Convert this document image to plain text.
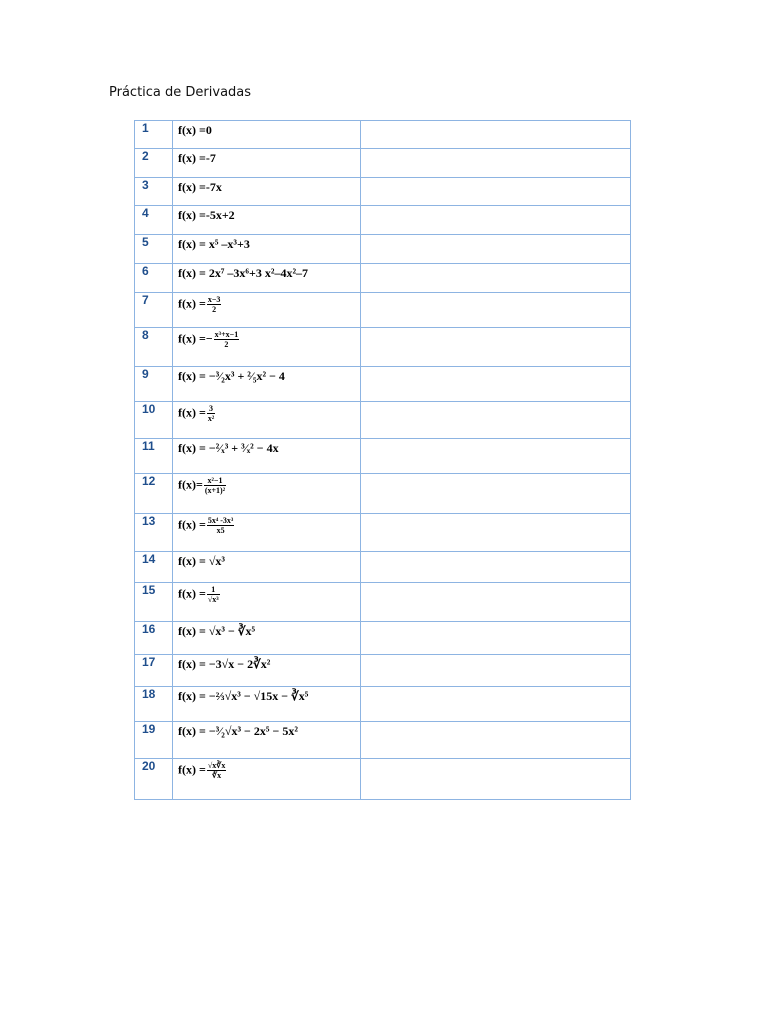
Práctica de Derivadas
1	f(x) =0	

2	f(x) =-7	

3	f(x) =-7x	

4	f(x) =-5x+2	

5	f(x) = x⁵ –x³+3	

6	f(x) = 2x⁷ –3x⁶+3 x²–4x²–7	

7	$f(x) = \frac{x-3}{2}$

8	$f(x) =- \frac{\text{x³+x−1}}{2}$

9	f(x) = −³⁄₂x³ + ²⁄₅x² − 4	

10	$f(x) = \frac{3}{\text{x²}}$

11	f(x) = −²⁄ₓ³ + ³⁄ₓ² − 4x	

12	$f(x)= \frac{\text{x²−1}}{\text{(x+1)²}}$

13	$f(x) = \frac{\text{5x⁴ -3x³}}{x5}$

14	f(x) = √x³	

15	$f(x) = \frac{1}{\text{√x³}}$

16	f(x) = √x³ − ∛x⁵	

17	f(x) = −3√x − 2∛x²	

18	f(x) = −⅔√x³ − √15x − ∛x⁵	

19	f(x) = −³⁄₂√x³ − 2x⁵ − 5x²	

20	$f(x) = \frac{√x∛x}{∛x}$
